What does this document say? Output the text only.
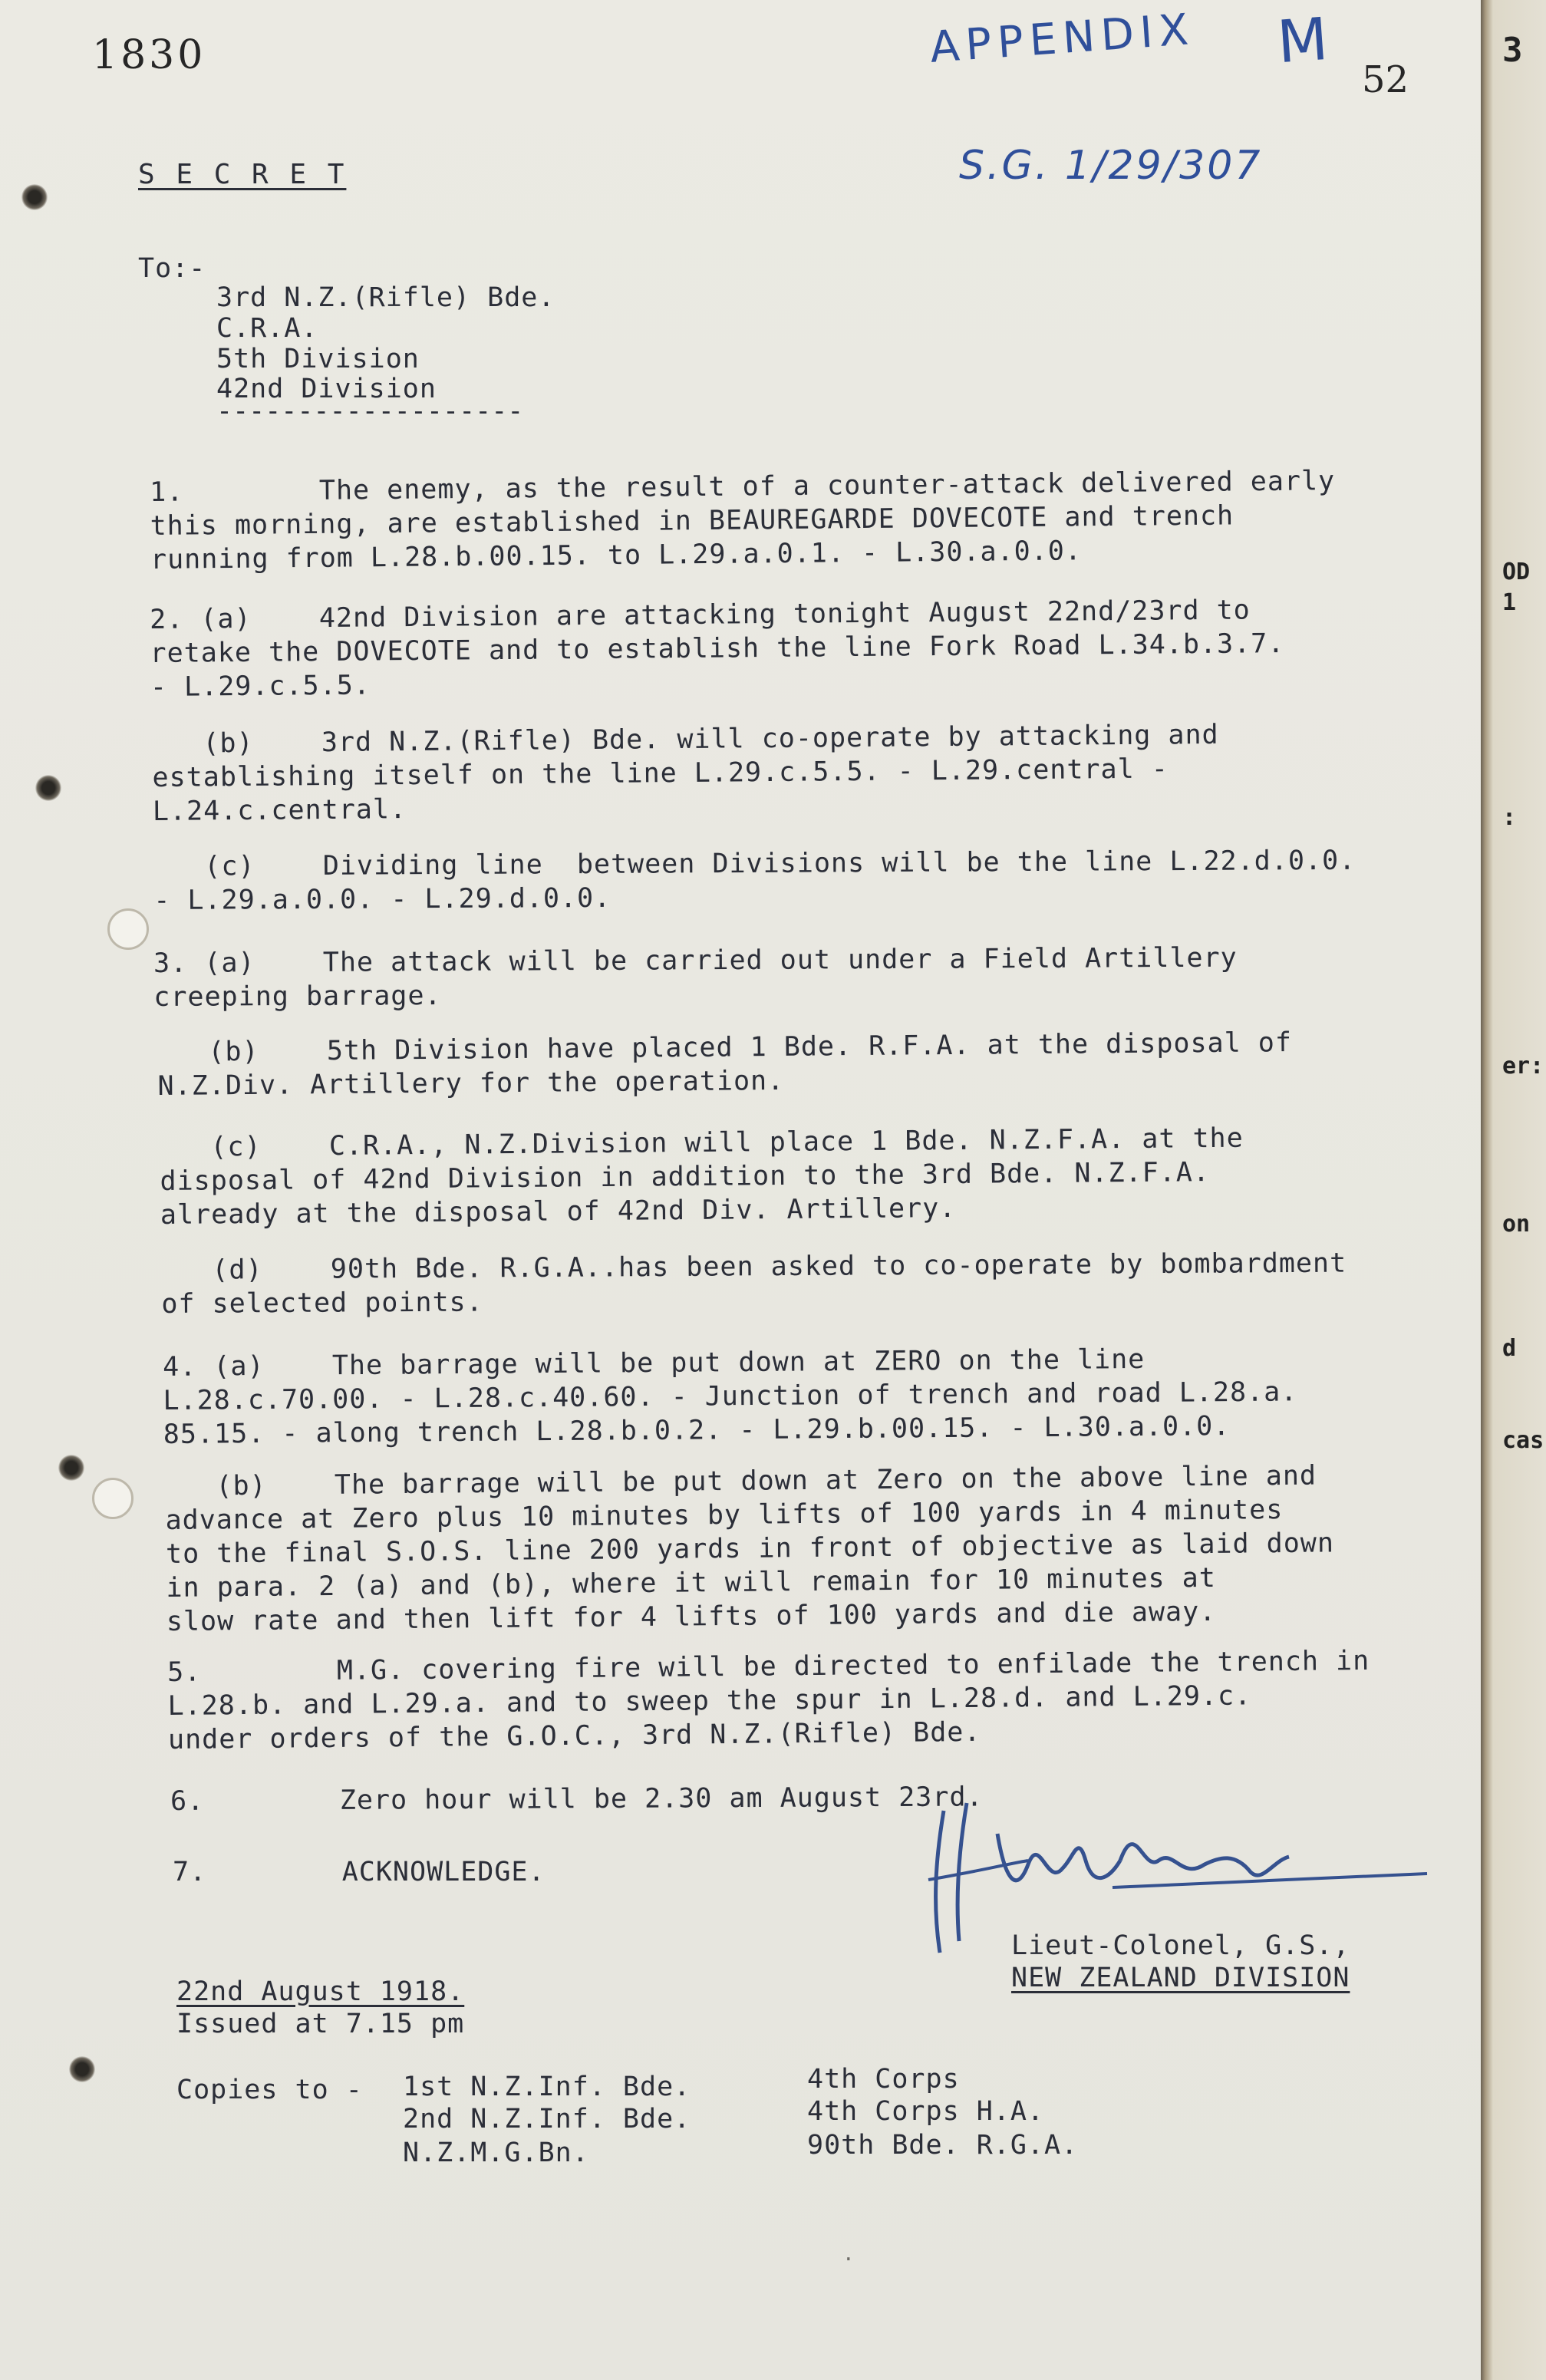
1830	APPENDIX M
52
S.G. 1/29/307
S E C R E T
To:-
3rd N.Z.(Rifle) Bde.
C.R.A.
5th Division
42nd Division
-------------------
1.        The enemy, as the result of a counter-attack delivered early
this morning, are established in BEAUREGARDE DOVECOTE and trench
running from L.28.b.00.15. to L.29.a.0.1. - L.30.a.0.0.
2. (a)    42nd Division are attacking tonight August 22nd/23rd to
retake the DOVECOTE and to establish the line Fork Road L.34.b.3.7.
- L.29.c.5.5.
(b)    3rd N.Z.(Rifle) Bde. will co-operate by attacking and
establishing itself on the line L.29.c.5.5. - L.29.central -
L.24.c.central.
(c)    Dividing line  between Divisions will be the line L.22.d.0.0.
- L.29.a.0.0. - L.29.d.0.0.
3. (a)    The attack will be carried out under a Field Artillery
creeping barrage.
(b)    5th Division have placed 1 Bde. R.F.A. at the disposal of
N.Z.Div. Artillery for the operation.
(c)    C.R.A., N.Z.Division will place 1 Bde. N.Z.F.A. at the
disposal of 42nd Division in addition to the 3rd Bde. N.Z.F.A.
already at the disposal of 42nd Div. Artillery.
(d)    90th Bde. R.G.A..has been asked to co-operate by bombardment
of selected points.
4. (a)    The barrage will be put down at ZERO on the line
L.28.c.70.00. - L.28.c.40.60. - Junction of trench and road L.28.a.
85.15. - along trench L.28.b.0.2. - L.29.b.00.15. - L.30.a.0.0.
(b)    The barrage will be put down at Zero on the above line and
advance at Zero plus 10 minutes by lifts of 100 yards in 4 minutes
to the final S.O.S. line 200 yards in front of objective as laid down
in para. 2 (a) and (b), where it will remain for 10 minutes at
slow rate and then lift for 4 lifts of 100 yards and die away.
5.        M.G. covering fire will be directed to enfilade the trench in
L.28.b. and L.29.a. and to sweep the spur in L.28.d. and L.29.c.
under orders of the G.O.C., 3rd N.Z.(Rifle) Bde.
6.        Zero hour will be 2.30 am August 23rd.
7.        ACKNOWLEDGE.
Lieut-Colonel, G.S.,
NEW ZEALAND DIVISION
22nd August 1918.
Issued at 7.15 pm
Copies to - 1st N.Z.Inf. Bde.
2nd N.Z.Inf. Bde.
N.Z.M.G.Bn.
4th Corps
4th Corps H.A.
90th Bde. R.G.A.
·
3
OD
1
:
er:
on
d
cas
